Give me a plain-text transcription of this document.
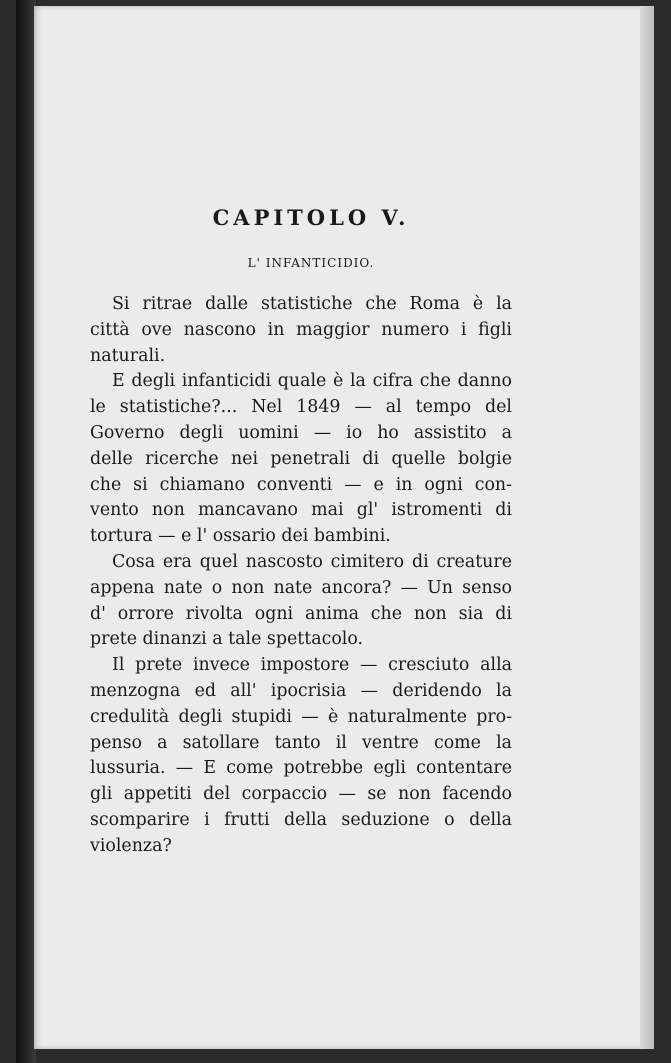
CAPITOLO V.
L' INFANTICIDIO.

Si ritrae dalle statistiche che Roma è la
città ove nascono in maggior numero i figli
naturali.

E degli infanticidi quale è la cifra che danno
le statistiche?... Nel 1849 — al tempo del
Governo degli uomini — io ho assistito a
delle ricerche nei penetrali di quelle bolgie
che si chiamano conventi — e in ogni con-
vento non mancavano mai gl' istromenti di
tortura — e l' ossario dei bambini.

Cosa era quel nascosto cimitero di creature
appena nate o non nate ancora? — Un senso
d' orrore rivolta ogni anima che non sia di
prete dinanzi a tale spettacolo.

Il prete invece impostore — cresciuto alla
menzogna ed all' ipocrisia — deridendo la
credulità degli stupidi — è naturalmente pro-
penso a satollare tanto il ventre come la
lussuria. — E come potrebbe egli contentare
gli appetiti del corpaccio — se non facendo
scomparire i frutti della seduzione o della
violenza?
